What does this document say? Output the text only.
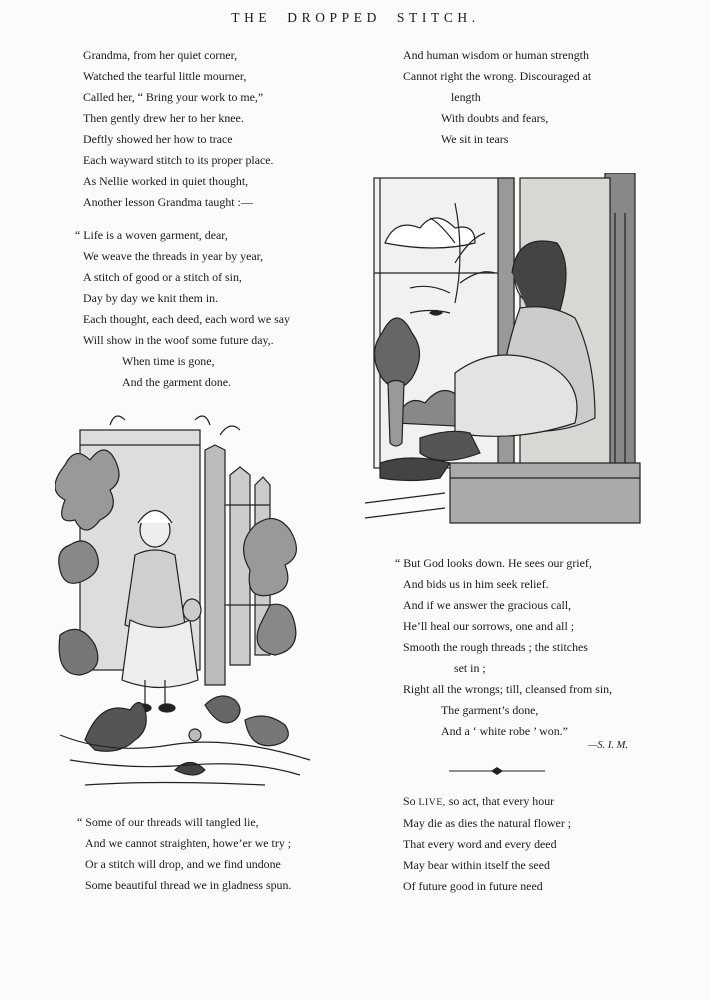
THE DROPPED STITCH.
Grandma, from her quiet corner,
Watched the tearful little mourner,
Called her, “ Bring your work to me,”
Then gently drew her to her knee.
Deftly showed her how to trace
Each wayward stitch to its proper place.
As Nellie worked in quiet thought,
Another lesson Grandma taught :—
“ Life is a woven garment, dear,
We weave the threads in year by year,
A stitch of good or a stitch of sin,
Day by day we knit them in.
Each thought, each deed, each word we say
Will show in the woof some future day,.
When time is gone,
And the garment done.
“ Some of our threads will tangled lie,
And we cannot straighten, howe’er we try ;
Or a stitch will drop, and we find undone
Some beautiful thread we in gladness spun.
And human wisdom or human strength
Cannot right the wrong. Discouraged at
length
With doubts and fears,
We sit in tears
“ But God looks down. He sees our grief,
And bids us in him seek relief.
And if we answer the gracious call,
He’ll heal our sorrows, one and all ;
Smooth the rough threads ; the stitches
set in ;
Right all the wrongs; till, cleansed from sin,
The garment’s done,
And a ‘ white robe ’ won.”
—S. I. M.
So LIVE, so act, that every hour
May die as dies the natural flower ;
That every word and every deed
May bear within itself the seed
Of future good in future need
